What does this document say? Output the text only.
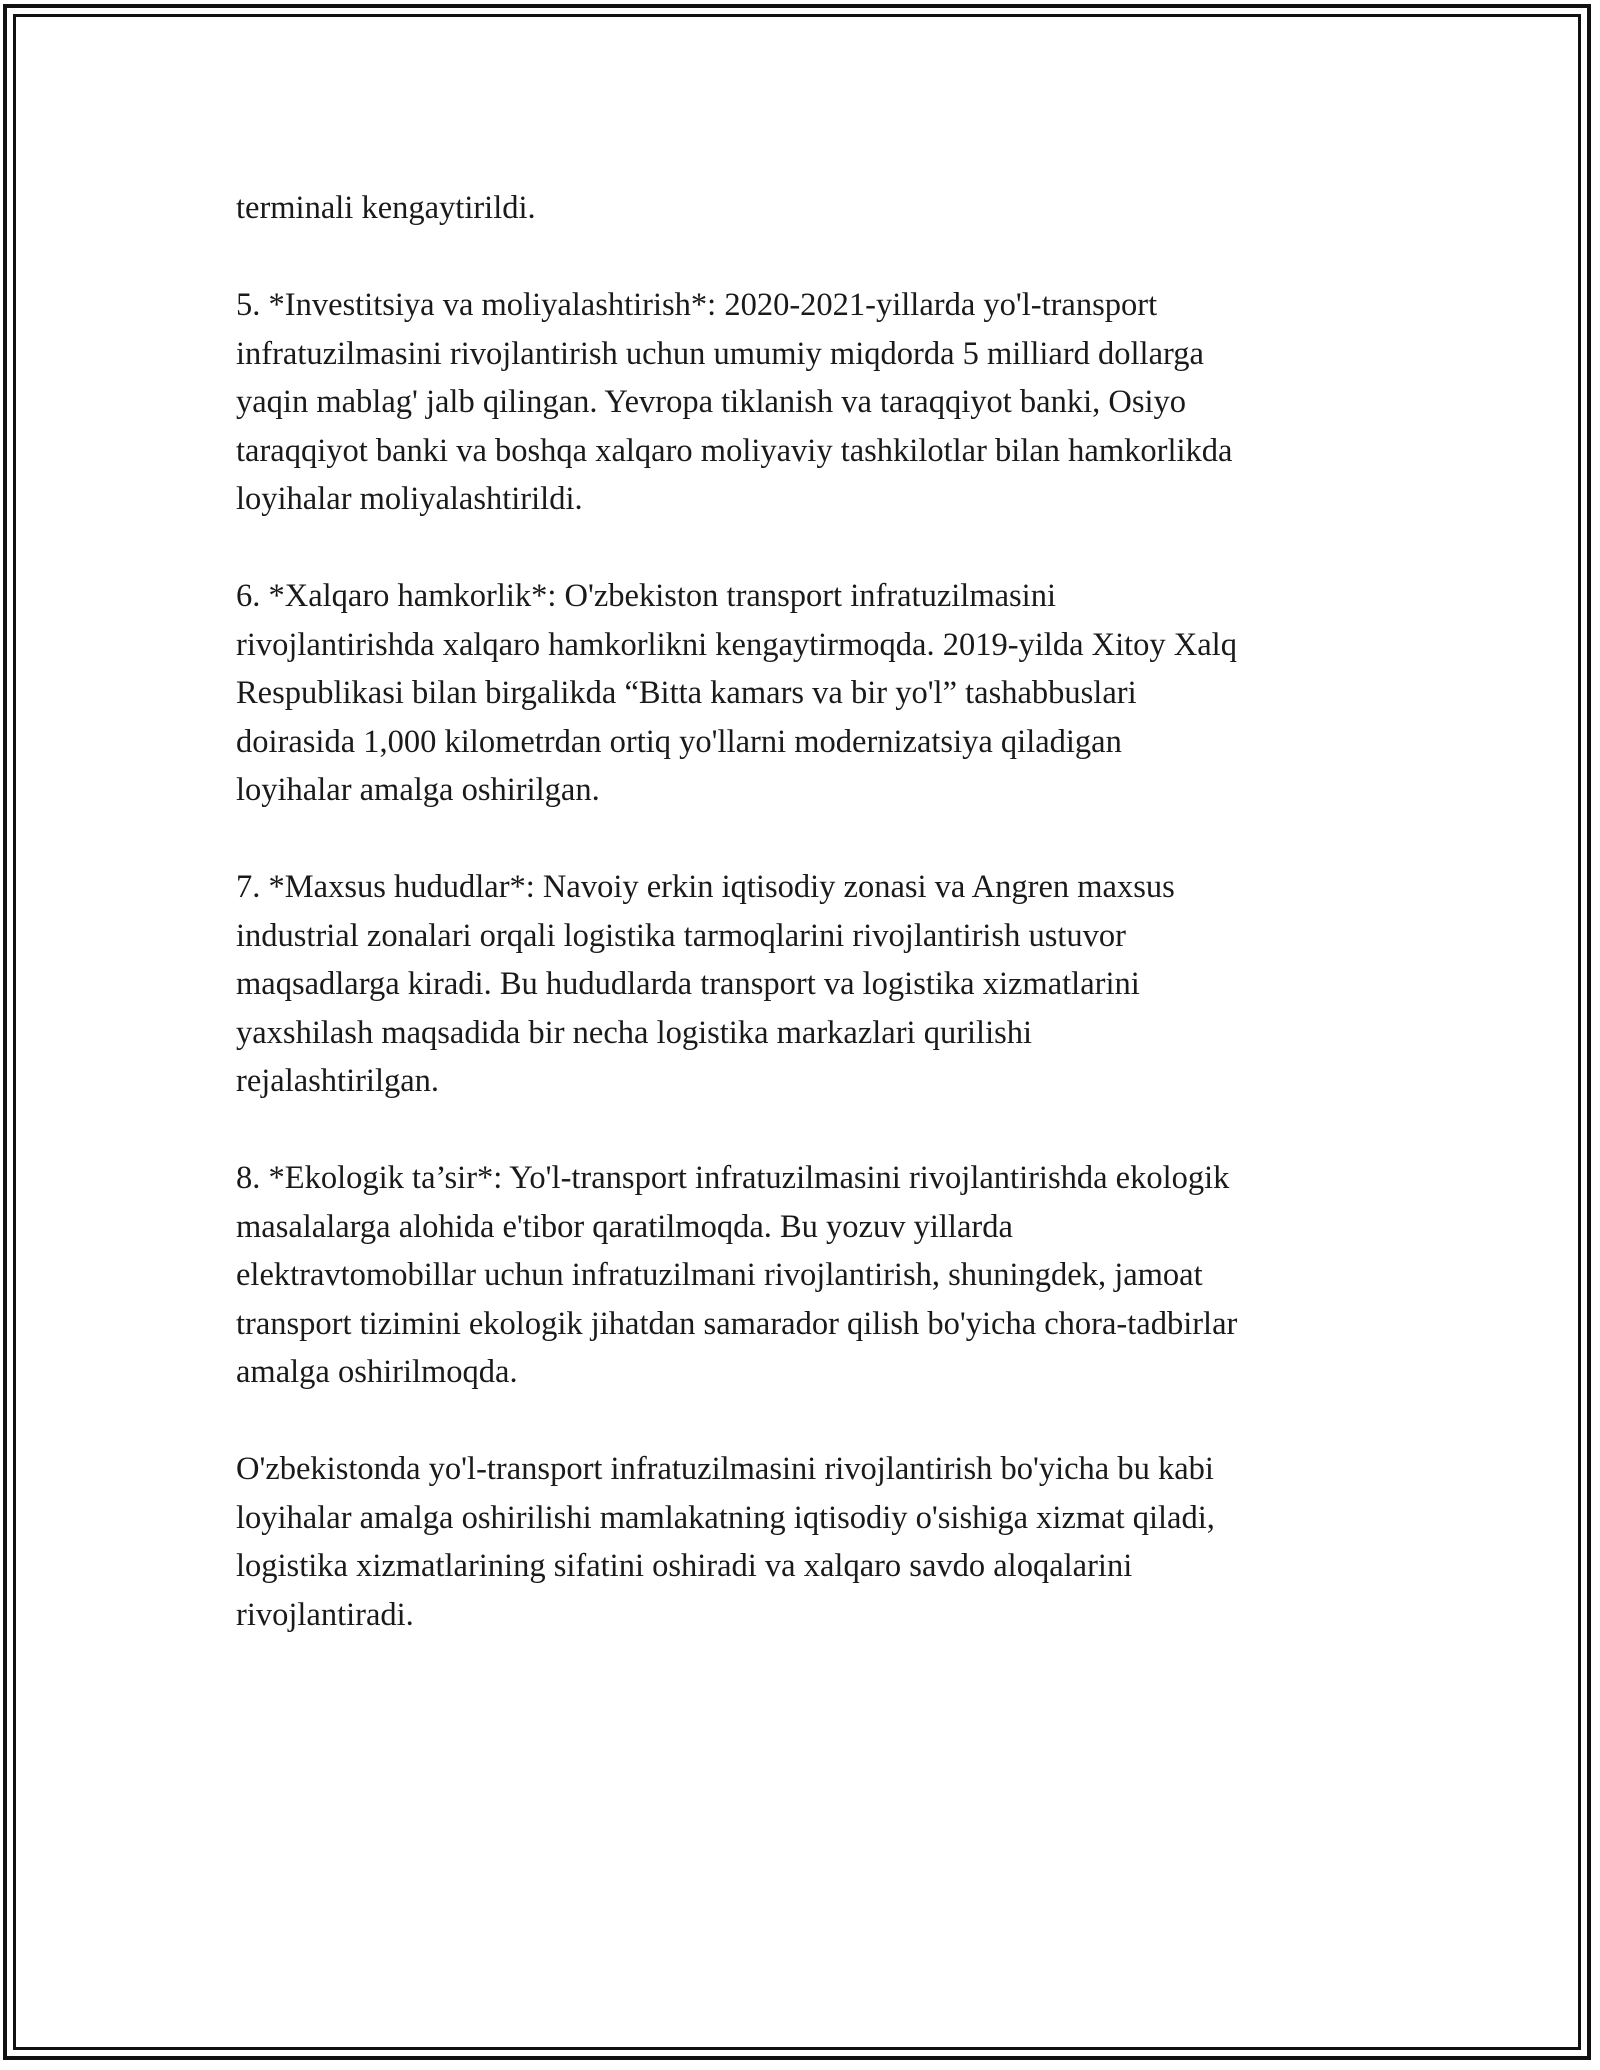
terminali kengaytirildi.

5. *Investitsiya va moliyalashtirish*: 2020-2021-yillarda yo'l-transport
infratuzilmasini rivojlantirish uchun umumiy miqdorda 5 milliard dollarga
yaqin mablag' jalb qilingan. Yevropa tiklanish va taraqqiyot banki, Osiyo
taraqqiyot banki va boshqa xalqaro moliyaviy tashkilotlar bilan hamkorlikda
loyihalar moliyalashtirildi.

6. *Xalqaro hamkorlik*: O'zbekiston transport infratuzilmasini
rivojlantirishda xalqaro hamkorlikni kengaytirmoqda. 2019-yilda Xitoy Xalq
Respublikasi bilan birgalikda “Bitta kamars va bir yo'l” tashabbuslari
doirasida 1,000 kilometrdan ortiq yo'llarni modernizatsiya qiladigan
loyihalar amalga oshirilgan.

7. *Maxsus hududlar*: Navoiy erkin iqtisodiy zonasi va Angren maxsus
industrial zonalari orqali logistika tarmoqlarini rivojlantirish ustuvor
maqsadlarga kiradi. Bu hududlarda transport va logistika xizmatlarini
yaxshilash maqsadida bir necha logistika markazlari qurilishi
rejalashtirilgan.

8. *Ekologik ta’sir*: Yo'l-transport infratuzilmasini rivojlantirishda ekologik
masalalarga alohida e'tibor qaratilmoqda. Bu yozuv yillarda
elektravtomobillar uchun infratuzilmani rivojlantirish, shuningdek, jamoat
transport tizimini ekologik jihatdan samarador qilish bo'yicha chora-tadbirlar
amalga oshirilmoqda.

O'zbekistonda yo'l-transport infratuzilmasini rivojlantirish bo'yicha bu kabi
loyihalar amalga oshirilishi mamlakatning iqtisodiy o'sishiga xizmat qiladi,
logistika xizmatlarining sifatini oshiradi va xalqaro savdo aloqalarini
rivojlantiradi.
